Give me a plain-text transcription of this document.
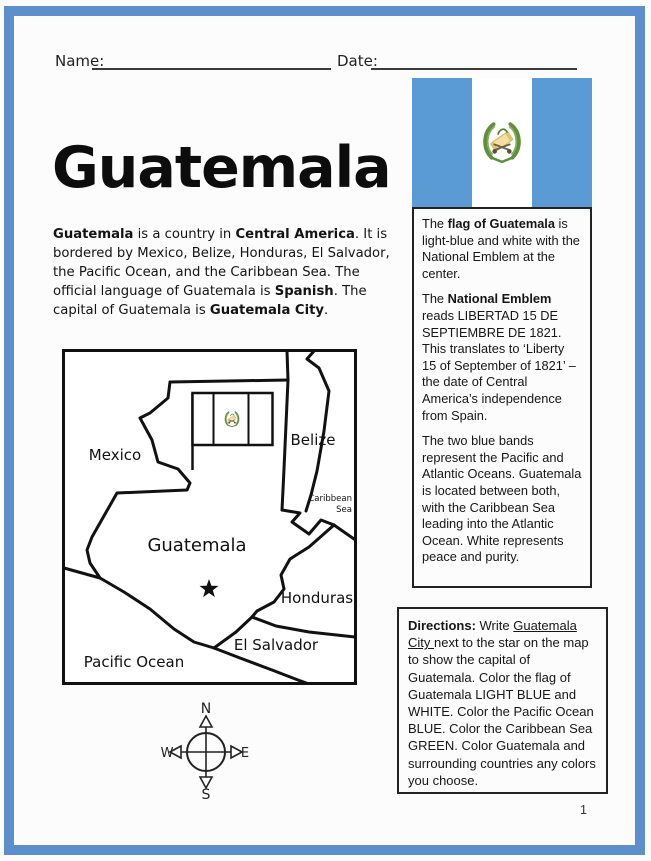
Name:	Date:
Guatemala
Guatemala is a country in Central America. It is bordered by Mexico, Belize, Honduras, El Salvador, the Pacific Ocean, and the Caribbean Sea. The official language of Guatemala is Spanish. The capital of Guatemala is Guatemala City.
Mexico
Belize
Caribbean
Sea
Guatemala
Honduras
El Salvador
Pacific Ocean
N
S
W	E

The flag of Guatemala is light-blue and white with the National Emblem at the center.

The National Emblem reads LIBERTAD 15 DE SEPTIEMBRE DE 1821. This translates to ‘Liberty 15 of September of 1821’ – the date of Central America’s independence from Spain.

The two blue bands represent the Pacific and Atlantic Oceans. Guatemala is located between both, with the Caribbean Sea leading into the Atlantic Ocean. White represents peace and purity.

Directions: Write Guatemala City next to the star on the map to show the capital of Guatemala. Color the flag of Guatemala LIGHT BLUE and WHITE. Color the Pacific Ocean BLUE. Color the Caribbean Sea GREEN. Color Guatemala and surrounding countries any colors you choose.
1
